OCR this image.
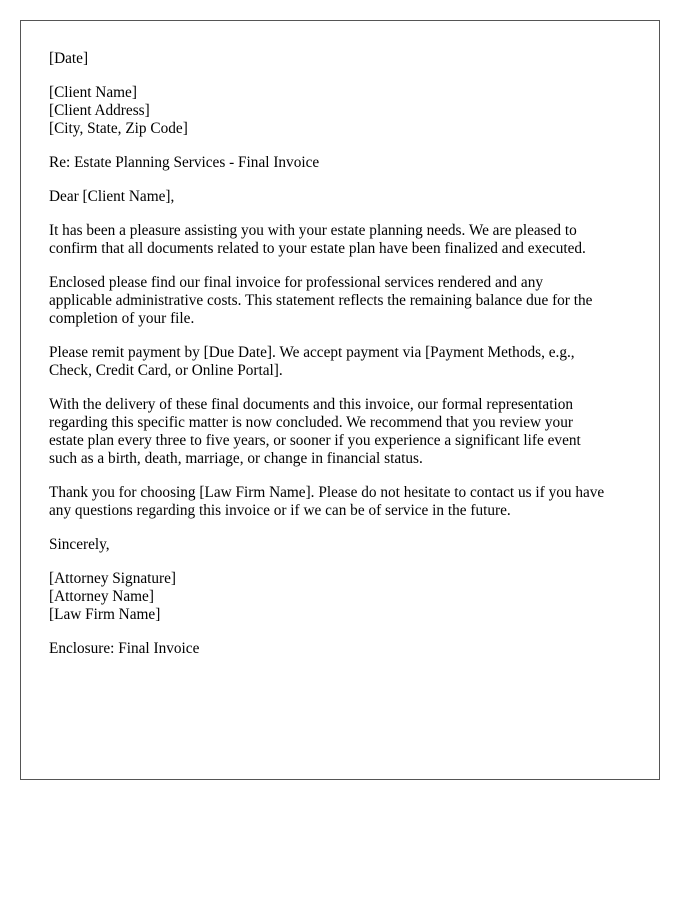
[Date]
[Client Name]
[Client Address]
[City, State, Zip Code]
Re: Estate Planning Services - Final Invoice
Dear [Client Name],
It has been a pleasure assisting you with your estate planning needs. We are pleased to
confirm that all documents related to your estate plan have been finalized and executed.
Enclosed please find our final invoice for professional services rendered and any
applicable administrative costs. This statement reflects the remaining balance due for the
completion of your file.
Please remit payment by [Due Date]. We accept payment via [Payment Methods, e.g.,
Check, Credit Card, or Online Portal].
With the delivery of these final documents and this invoice, our formal representation
regarding this specific matter is now concluded. We recommend that you review your
estate plan every three to five years, or sooner if you experience a significant life event
such as a birth, death, marriage, or change in financial status.
Thank you for choosing [Law Firm Name]. Please do not hesitate to contact us if you have
any questions regarding this invoice or if we can be of service in the future.
Sincerely,
[Attorney Signature]
[Attorney Name]
[Law Firm Name]
Enclosure: Final Invoice
